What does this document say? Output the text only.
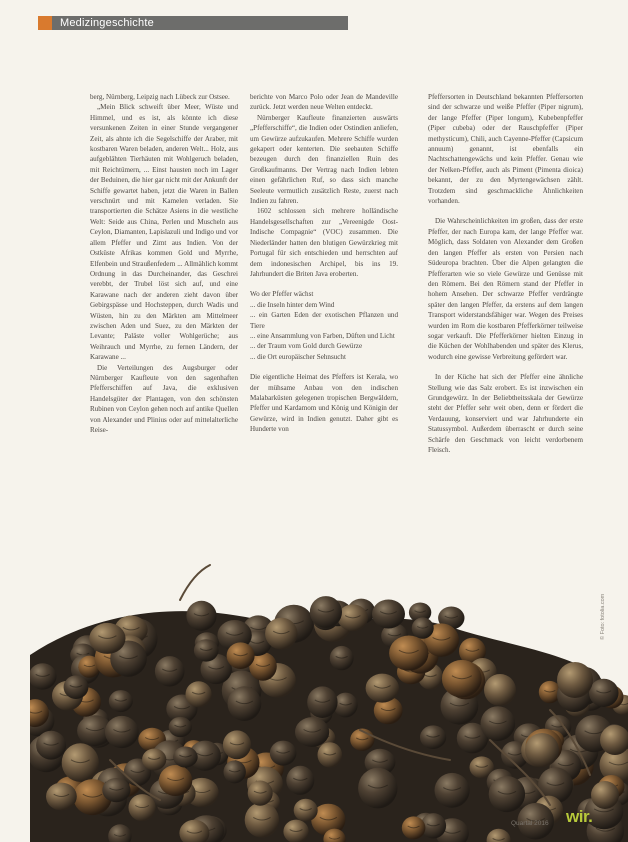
Medizingeschichte

berg, Nürnberg, Leipzig nach Lübeck zur Ostsee.

„Mein Blick schweift über Meer, Wüste und Himmel, und es ist, als könnte ich diese versunkenen Zeiten in einer Stunde vergangener Zeit, als ahnte ich die Segelschiffe der Araber, mit kostbaren Waren beladen, anderen Welt... Holz, aus aufgeblähten Tierhäuten mit Wohlgeruch beladen, mit Reichtümern, ... Einst hausten noch im Lager der Beduinen, die hier gar nicht mit der Ankunft der Schiffe gewartet haben, jetzt die Waren in Ballen verschnürt und mit Kamelen verladen. Sie transportierten die Schätze Asiens in die westliche Welt: Seide aus China, Perlen und Muscheln aus Ceylon, Diamanten, Lapislazuli und Indigo und vor allem Pfeffer und Zimt aus Indien. Von der Ostküste Afrikas kommen Gold und Myrrhe, Elfenbein und Straußenfedern ... Allmählich kommt Ordnung in das Durcheinander, das Geschrei verebbt, der Trubel löst sich auf, und eine Karawane nach der anderen zieht davon über Gebirgspässe und Hochsteppen, durch Wadis und Wüsten, hin zu den Märkten am Mittelmeer zwischen Aden und Suez, zu den Märkten der Levante; Paläste voller Wohlgerüche; aus Weihrauch und Myrrhe, zu fernen Ländern, der Karawane ...

Die Verteilungen des Augsburger oder Nürnberger Kaufleute von den sagenhaften Pfefferschiffen auf Java, die exklusiven Handelsgüter der Plantagen, von den schönsten Rubinen von Ceylon gehen noch auf antike Quellen von Alexander und Plinius oder auf mittelalterliche Reise-

berichte von Marco Polo oder Jean de Mandeville zurück. Jetzt werden neue Welten entdeckt.

Nürnberger Kaufleute finanzierten auswärts „Pfefferschiffe“, die Indien oder Ostindien anliefen, um Gewürze aufzukaufen. Mehrere Schiffe wurden gekapert oder kenterten. Die seebauten Schiffe bezeugen durch den finanziellen Ruin des Großkaufmanns. Der Vertrag nach Indien lebten einen gefährlichen Ruf, so dass sich manche Seeleute vermutlich zusätzlich Reste, zuerst nach Indien zu fahren.

1602 schlossen sich mehrere holländische Handelsgesellschaften zur „Vereenigde Oost-Indische Compagnie“ (VOC) zusammen. Die Niederländer hatten den blutigen Gewürzkrieg mit Portugal für sich entschieden und herrschten auf dem indonesischen Archipel, bis ins 19. Jahrhundert die Briten Java eroberten.

Wo der Pfeffer wächst
... die Inseln hinter dem Wind
... ein Garten Eden der exotischen Pflanzen und Tiere
... eine Ansammlung von Farben, Düften und Licht
... der Traum vom Gold durch Gewürze
... die Ort europäischer Sehnsucht

Die eigentliche Heimat des Pfeffers ist Kerala, wo der mühsame Anbau von den indischen Malabarküsten gelegenen tropischen Bergwäldern, Pfeffer und Kardamom und König und Königin der Gewürze, wird in Indien genutzt. Daher gibt es Hunderte von

Pfeffersorten in Deutschland bekannten Pfeffersorten sind der schwarze und weiße Pfeffer (Piper nigrum), der lange Pfeffer (Piper longum), Kubebenpfeffer (Piper cubeba) oder der Rauschpfeffer (Piper methysticum), Chili, auch Cayenne-Pfeffer (Capsicum annuum) genannt, ist ebenfalls ein Nachtschattengewächs und kein Pfeffer. Genau wie der Nelken-Pfeffer, auch als Piment (Pimenta dioica) bekannt, der zu den Myrtengewächsen zählt. Trotzdem sind geschmackliche Ähnlichkeiten vorhanden.

Die Wahrscheinlichkeiten im großen, dass der erste Pfeffer, der nach Europa kam, der lange Pfeffer war. Möglich, dass Soldaten von Alexander dem Großen den langen Pfeffer als ersten von Persien nach Südeuropa brachten. Über die Alpen gelangten die Pfefferarten wie so viele Gewürze und Genüsse mit den Römern. Bei den Römern stand der Pfeffer in hohem Ansehen. Der schwarze Pfeffer verdrängte später den langen Pfeffer, da erstens auf dem langen Transport widerstandsfähiger war. Wegen des Preises wurden im Rom die kostbaren Pfefferkörner teilweise sogar verkauft. Die Pfefferkörner hielten Einzug in die Küchen der Wohlhabenden und später des Klerus, wodurch eine gewisse Verbreitung gefördert war.

In der Küche hat sich der Pfeffer eine ähnliche Stellung wie das Salz erobert. Es ist inzwischen ein Grundgewürz. In der Beliebtheitsskala der Gewürze steht der Pfeffer sehr weit oben, denn er fördert die Verdauung, konserviert und war Jahrhunderte ein Statussymbol. Außerdem überrascht er durch seine Schärfe den Geschmack von leicht verdorbenem Fleisch.

© Foto: fotolia.com
Quartal 2016 wir.
